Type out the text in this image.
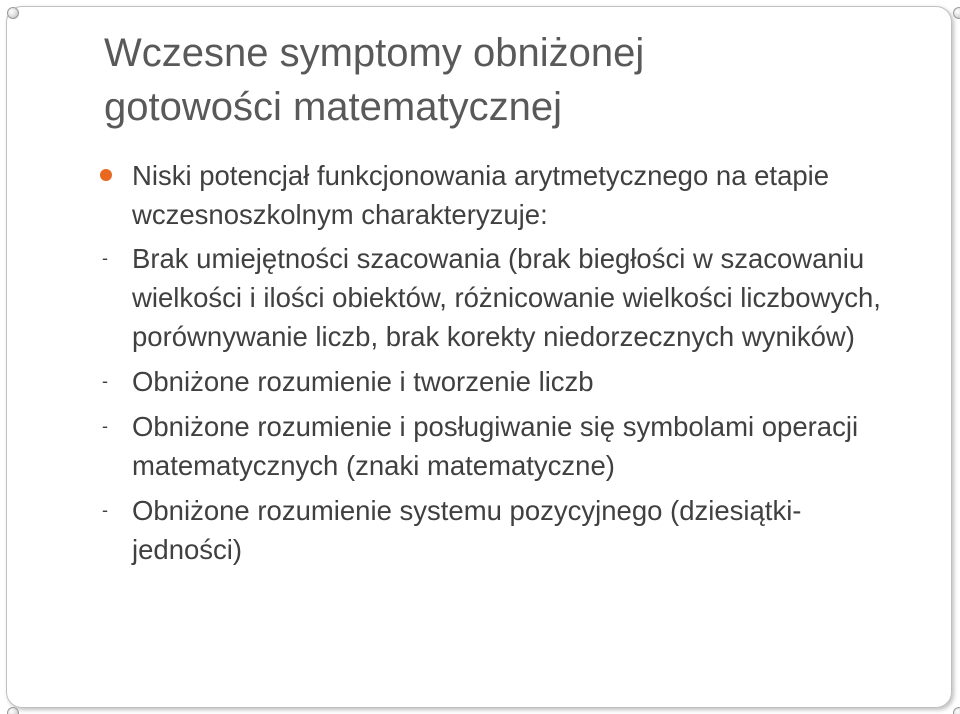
Wczesne symptomy obniżonej
gotowości matematycznej
Niski potencjał funkcjonowania arytmetycznego na etapie wczesnoszkolnym charakteryzuje:
- Brak umiejętności szacowania (brak biegłości w szacowaniu wielkości i ilości obiektów, różnicowanie wielkości liczbowych, porównywanie liczb, brak korekty niedorzecznych wyników)
- Obniżone rozumienie i tworzenie liczb
- Obniżone rozumienie i posługiwanie się symbolami operacji matematycznych (znaki matematyczne)
- Obniżone rozumienie systemu pozycyjnego (dziesiątki- jedności)
